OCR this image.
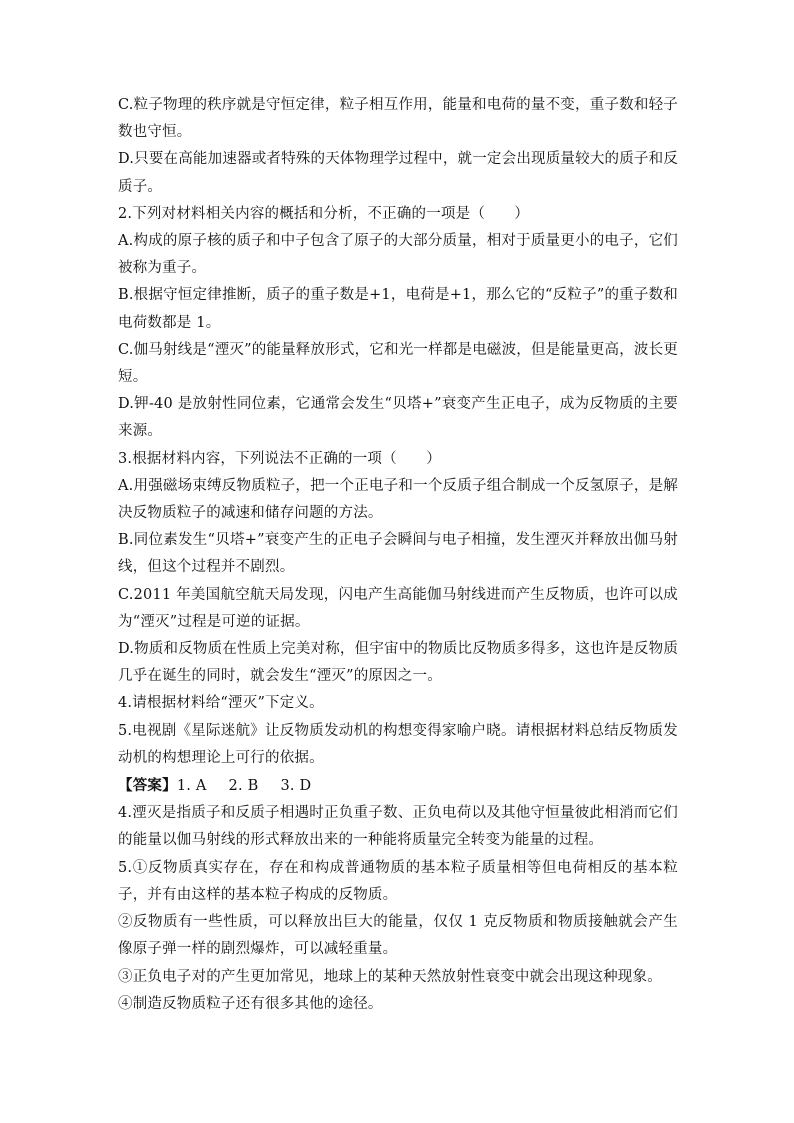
C.粒子物理的秩序就是守恒定律，粒子相互作用，能量和电荷的量不变，重子数和轻子数也守恒。

D.只要在高能加速器或者特殊的天体物理学过程中，就一定会出现质量较大的质子和反质子。

2.下列对材料相关内容的概括和分析，不正确的一项是（　　）

A.构成的原子核的质子和中子包含了原子的大部分质量，相对于质量更小的电子，它们被称为重子。

B.根据守恒定律推断，质子的重子数是+1，电荷是+1，那么它的“反粒子”的重子数和电荷数都是 1。

C.伽马射线是“湮灭”的能量释放形式，它和光一样都是电磁波，但是能量更高，波长更短。

D.钾-40 是放射性同位素，它通常会发生“贝塔+”衰变产生正电子，成为反物质的主要来源。

3.根据材料内容，下列说法不正确的一项（　　）

A.用强磁场束缚反物质粒子，把一个正电子和一个反质子组合制成一个反氢原子，是解决反物质粒子的减速和储存问题的方法。

B.同位素发生“贝塔+”衰变产生的正电子会瞬间与电子相撞，发生湮灭并释放出伽马射线，但这个过程并不剧烈。

C.2011 年美国航空航天局发现，闪电产生高能伽马射线进而产生反物质，也许可以成为“湮灭”过程是可逆的证据。

D.物质和反物质在性质上完美对称，但宇宙中的物质比反物质多得多，这也许是反物质几乎在诞生的同时，就会发生“湮灭”的原因之一。

4.请根据材料给“湮灭”下定义。

5.电视剧《星际迷航》让反物质发动机的构想变得家喻户晓。请根据材料总结反物质发动机的构想理论上可行的依据。

【答案】1. A 2. B 3. D

4.湮灭是指质子和反质子相遇时正负重子数、正负电荷以及其他守恒量彼此相消而它们的能量以伽马射线的形式释放出来的一种能将质量完全转变为能量的过程。

5.①反物质真实存在，存在和构成普通物质的基本粒子质量相等但电荷相反的基本粒子，并有由这样的基本粒子构成的反物质。

②反物质有一些性质，可以释放出巨大的能量，仅仅 1 克反物质和物质接触就会产生像原子弹一样的剧烈爆炸，可以减轻重量。

③正负电子对的产生更加常见，地球上的某种天然放射性衰变中就会出现这种现象。

④制造反物质粒子还有很多其他的途径。
